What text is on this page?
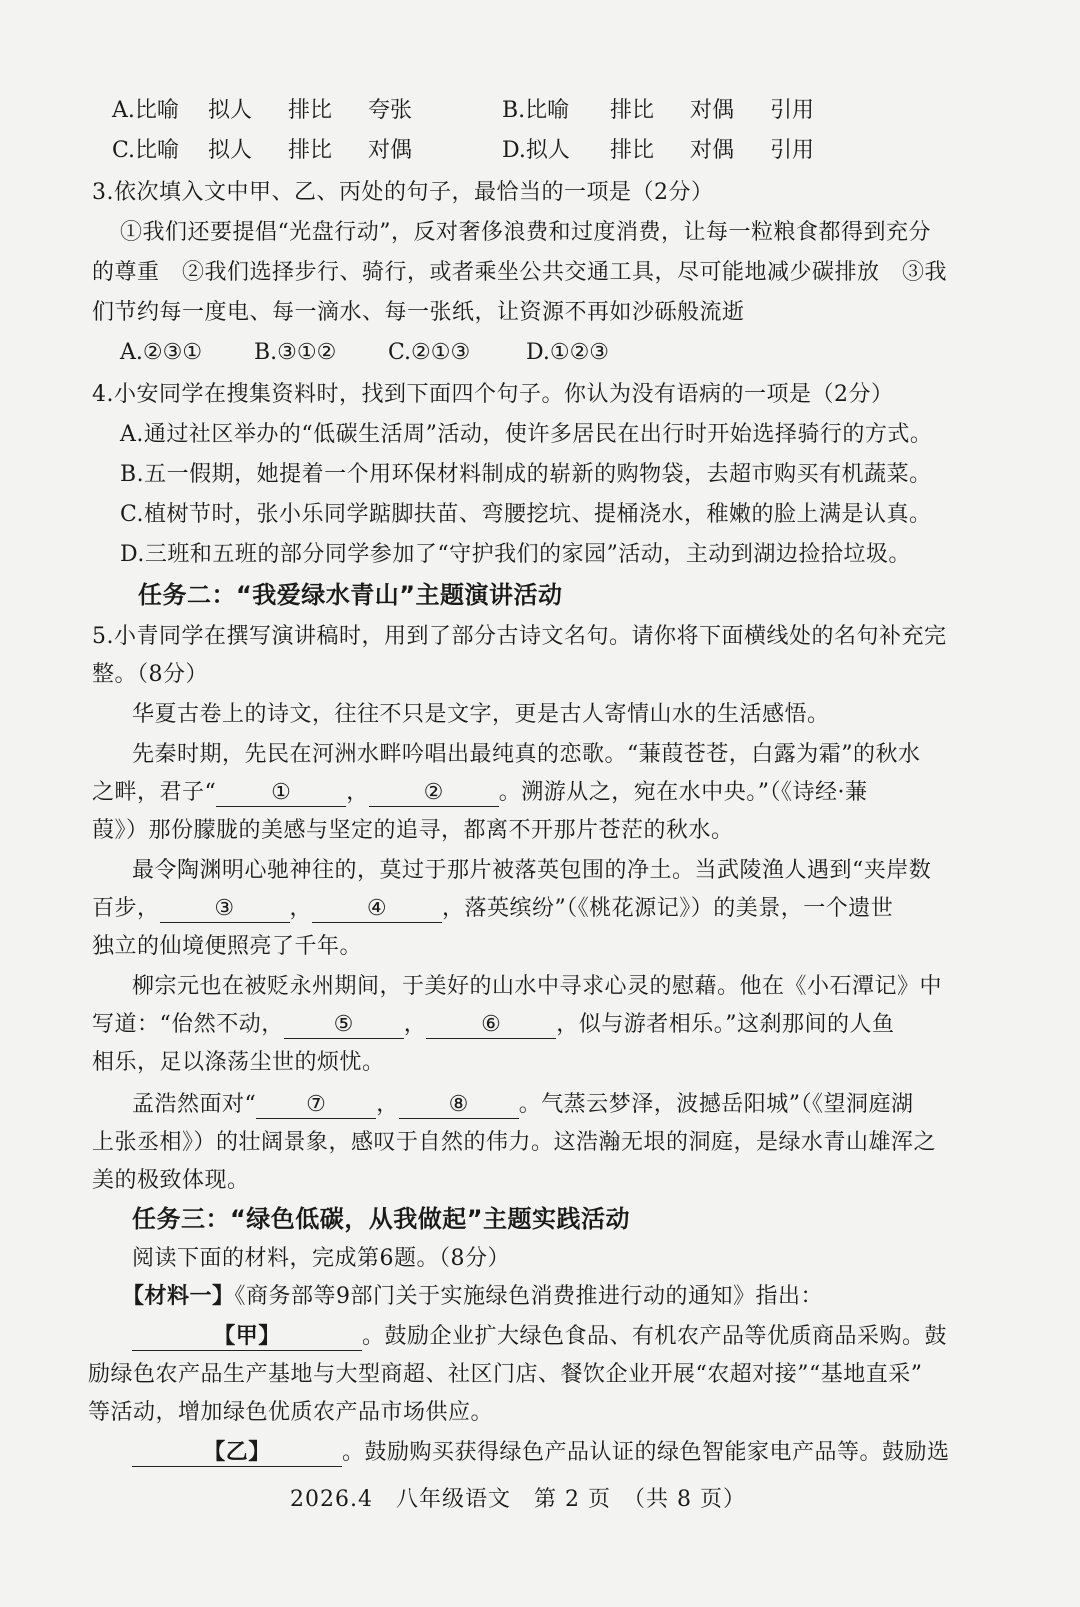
A.比喻 拟人 排比 夸张	B.比喻 排比 对偶 引用
C.比喻 拟人 排比 对偶	D.拟人 排比 对偶 引用
3.依次填入文中甲、乙、丙处的句子，最恰当的一项是（2分）
①我们还要提倡“光盘行动”，反对奢侈浪费和过度消费，让每一粒粮食都得到充分
的尊重　②我们选择步行、骑行，或者乘坐公共交通工具，尽可能地减少碳排放　③我
们节约每一度电、每一滴水、每一张纸，让资源不再如沙砾般流逝
A.②③① B.③①② C.②①③	D.①②③
4.小安同学在搜集资料时，找到下面四个句子。你认为没有语病的一项是（2分）
A.通过社区举办的“低碳生活周”活动，使许多居民在出行时开始选择骑行的方式。
B.五一假期，她提着一个用环保材料制成的崭新的购物袋，去超市购买有机蔬菜。
C.植树节时，张小乐同学踮脚扶苗、弯腰挖坑、提桶浇水，稚嫩的脸上满是认真。
D.三班和五班的部分同学参加了“守护我们的家园”活动，主动到湖边捡拾垃圾。
任务二：“我爱绿水青山”主题演讲活动
5.小青同学在撰写演讲稿时，用到了部分古诗文名句。请你将下面横线处的名句补充完
整。（8分）
华夏古卷上的诗文，往往不只是文字，更是古人寄情山水的生活感悟。
先秦时期，先民在河洲水畔吟唱出最纯真的恋歌。“蒹葭苍苍，白露为霜”的秋水
之畔，君子“ ① ， ② 。溯游从之，宛在水中央。”（《诗经·蒹
葭》）那份朦胧的美感与坚定的追寻，都离不开那片苍茫的秋水。
最令陶渊明心驰神往的，莫过于那片被落英包围的净土。当武陵渔人遇到“夹岸数
百步， ③ ， ④ ，落英缤纷”（《桃花源记》）的美景，一个遗世
独立的仙境便照亮了千年。
柳宗元也在被贬永州期间，于美好的山水中寻求心灵的慰藉。他在《小石潭记》中
写道：“佁然不动， ⑤ ， ⑥ ，似与游者相乐。”这刹那间的人鱼
相乐，足以涤荡尘世的烦忧。
孟浩然面对“ ⑦ ， ⑧ 。气蒸云梦泽，波撼岳阳城”（《望洞庭湖
上张丞相》）的壮阔景象，感叹于自然的伟力。这浩瀚无垠的洞庭，是绿水青山雄浑之
美的极致体现。
任务三：“绿色低碳，从我做起”主题实践活动
阅读下面的材料，完成第6题。（8分）
【材料一】《商务部等9部门关于实施绿色消费推进行动的通知》指出：
【甲】	。鼓励企业扩大绿色食品、有机农产品等优质商品采购。鼓
励绿色农产品生产基地与大型商超、社区门店、餐饮企业开展“农超对接”“基地直采”
等活动，增加绿色优质农产品市场供应。
【乙】	。鼓励购买获得绿色产品认证的绿色智能家电产品等。鼓励选
2026.4　八年级语文　第 2 页　（共 8 页）
